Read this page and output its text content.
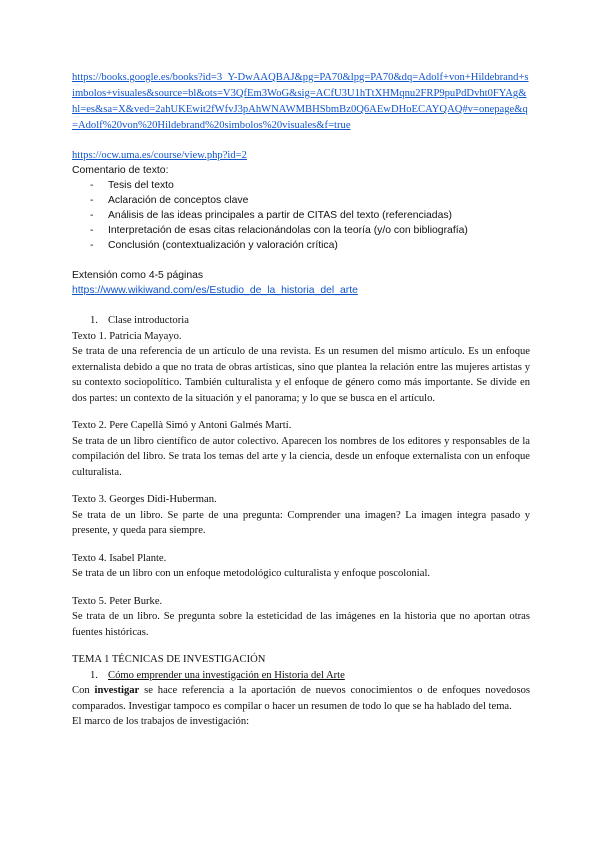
https://books.google.es/books?id=3_Y-DwAAQBAJ&pg=PA70&lpg=PA70&dq=Adolf+von+Hildebrand+simbolos+visuales&source=bl&ots=V3QfEm3WoG&sig=ACfU3U1hTtXHMqnu2FRP9puPdDvht0FYAg&hl=es&sa=X&ved=2ahUKEwit2fWfvJ3pAhWNAWMBHSbmBz0Q6AEwDHoECAYQAQ#v=onepage&q=Adolf%20von%20Hildebrand%20simbolos%20visuales&f=true
https://ocw.uma.es/course/view.php?id=2

Comentario de texto:

- Tesis del texto
- Aclaración de conceptos clave
- Análisis de las ideas principales a partir de CITAS del texto (referenciadas)
- Interpretación de esas citas relacionándolas con la teoría (y/o con bibliografía)
- Conclusión (contextualización y valoración crítica)

Extensión como 4-5 páginas

https://www.wikiwand.com/es/Estudio_de_la_historia_del_arte

1. Clase introductoria

Texto 1. Patricia Mayayo.

Se trata de una referencia de un artículo de una revista. Es un resumen del mismo artículo. Es un enfoque externalista debido a que no trata de obras artísticas, sino que plantea la relación entre las mujeres artistas y su contexto sociopolítico. También culturalista y el enfoque de género como más importante. Se divide en dos partes: un contexto de la situación y el panorama; y lo que se busca en el artículo.

Texto 2. Pere Capellà Simó y Antoni Galmés Martí.

Se trata de un libro científico de autor colectivo. Aparecen los nombres de los editores y responsables de la compilación del libro. Se trata los temas del arte y la ciencia, desde un enfoque externalista con un enfoque culturalista.

Texto 3. Georges Didi-Huberman.

Se trata de un libro. Se parte de una pregunta: Comprender una imagen? La imagen integra pasado y presente, y queda para siempre.

Texto 4. Isabel Plante.

Se trata de un libro con un enfoque metodológico culturalista y enfoque poscolonial.

Texto 5. Peter Burke.

Se trata de un libro. Se pregunta sobre la esteticidad de las imágenes en la historia que no aportan otras fuentes históricas.

TEMA 1 TÉCNICAS DE INVESTIGACIÓN

1. Cómo emprender una investigación en Historia del Arte

Con investigar se hace referencia a la aportación de nuevos conocimientos o de enfoques novedosos comparados. Investigar tampoco es compilar o hacer un resumen de todo lo que se ha hablado del tema.

El marco de los trabajos de investigación:
